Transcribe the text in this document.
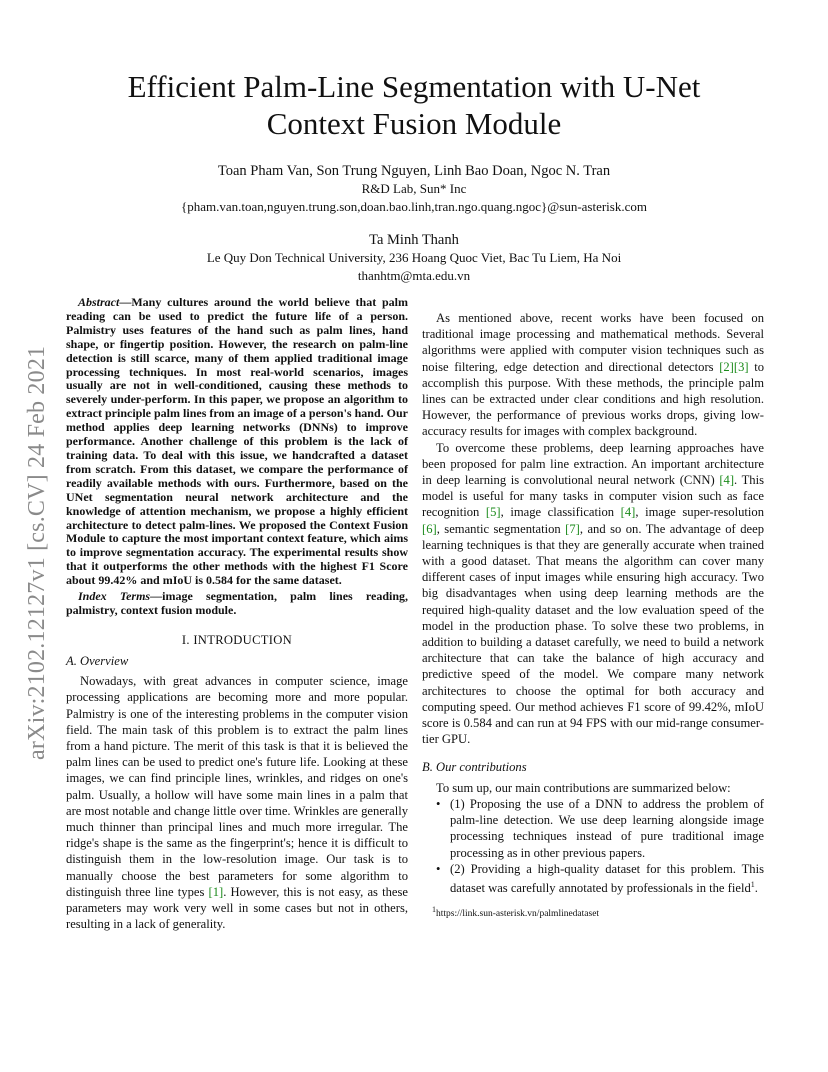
arXiv:2102.12127v1 [cs.CV] 24 Feb 2021
Efficient Palm-Line Segmentation with U-Net
Context Fusion Module
Toan Pham Van, Son Trung Nguyen, Linh Bao Doan, Ngoc N. Tran
R&D Lab, Sun* Inc
{pham.van.toan,nguyen.trung.son,doan.bao.linh,tran.ngo.quang.ngoc}@sun-asterisk.com
Ta Minh Thanh
Le Quy Don Technical University, 236 Hoang Quoc Viet, Bac Tu Liem, Ha Noi
thanhtm@mta.edu.vn

Abstract—Many cultures around the world believe that palm reading can be used to predict the future life of a person. Palmistry uses features of the hand such as palm lines, hand shape, or fingertip position. However, the research on palm-line detection is still scarce, many of them applied traditional image processing techniques. In most real-world scenarios, images usually are not in well-conditioned, causing these methods to severely under-perform. In this paper, we propose an algorithm to extract principle palm lines from an image of a person's hand. Our method applies deep learning networks (DNNs) to improve performance. Another challenge of this problem is the lack of training data. To deal with this issue, we handcrafted a dataset from scratch. From this dataset, we compare the performance of readily available methods with ours. Furthermore, based on the UNet segmentation neural network architecture and the knowledge of attention mechanism, we propose a highly efficient architecture to detect palm-lines. We proposed the Context Fusion Module to capture the most important context feature, which aims to improve segmentation accuracy. The experimental results show that it outperforms the other methods with the highest F1 Score about 99.42% and mIoU is 0.584 for the same dataset.

Index Terms—image segmentation, palm lines reading, palmistry, context fusion module.

I. INTRODUCTION
A. Overview

Nowadays, with great advances in computer science, image processing applications are becoming more and more popular. Palmistry is one of the interesting problems in the computer vision field. The main task of this problem is to extract the palm lines from a hand picture. The merit of this task is that it is believed the palm lines can be used to predict one's future life. Looking at these images, we can find principle lines, wrinkles, and ridges on one's palm. Usually, a hollow will have some main lines in a palm that are most notable and change little over time. Wrinkles are generally much thinner than principal lines and much more irregular. The ridge's shape is the same as the fingerprint's; hence it is difficult to distinguish them in the low-resolution image. Our task is to manually choose the best parameters for some algorithm to distinguish three line types [1]. However, this is not easy, as these parameters may work very well in some cases but not in others, resulting in a lack of generality.

As mentioned above, recent works have been focused on traditional image processing and mathematical methods. Several algorithms were applied with computer vision techniques such as noise filtering, edge detection and directional detectors [2][3] to accomplish this purpose. With these methods, the principle palm lines can be extracted under clear conditions and high resolution. However, the performance of previous works drops, giving low-accuracy results for images with complex background.

To overcome these problems, deep learning approaches have been proposed for palm line extraction. An important architecture in deep learning is convolutional neural network (CNN) [4]. This model is useful for many tasks in computer vision such as face recognition [5], image classification [4], image super-resolution [6], semantic segmentation [7], and so on. The advantage of deep learning techniques is that they are generally accurate when trained with a good dataset. That means the algorithm can cover many different cases of input images while ensuring high accuracy. Two big disadvantages when using deep learning methods are the required high-quality dataset and the low evaluation speed of the model in the production phase. To solve these two problems, in addition to building a dataset carefully, we need to build a network architecture that can take the balance of high accuracy and predictive speed of the model. We compare many network architectures to choose the optimal for both accuracy and computing speed. Our method achieves F1 score of 99.42%, mIoU score is 0.584 and can run at 94 FPS with our mid-range consumer-tier GPU.

B. Our contributions

To sum up, our main contributions are summarized below:

• (1) Proposing the use of a DNN to address the problem of palm-line detection. We use deep learning alongside image processing techniques instead of pure traditional image processing as in other previous papers.
• (2) Providing a high-quality dataset for this problem. This dataset was carefully annotated by professionals in the field$^1$.
$^1$https://link.sun-asterisk.vn/palmlinedataset
